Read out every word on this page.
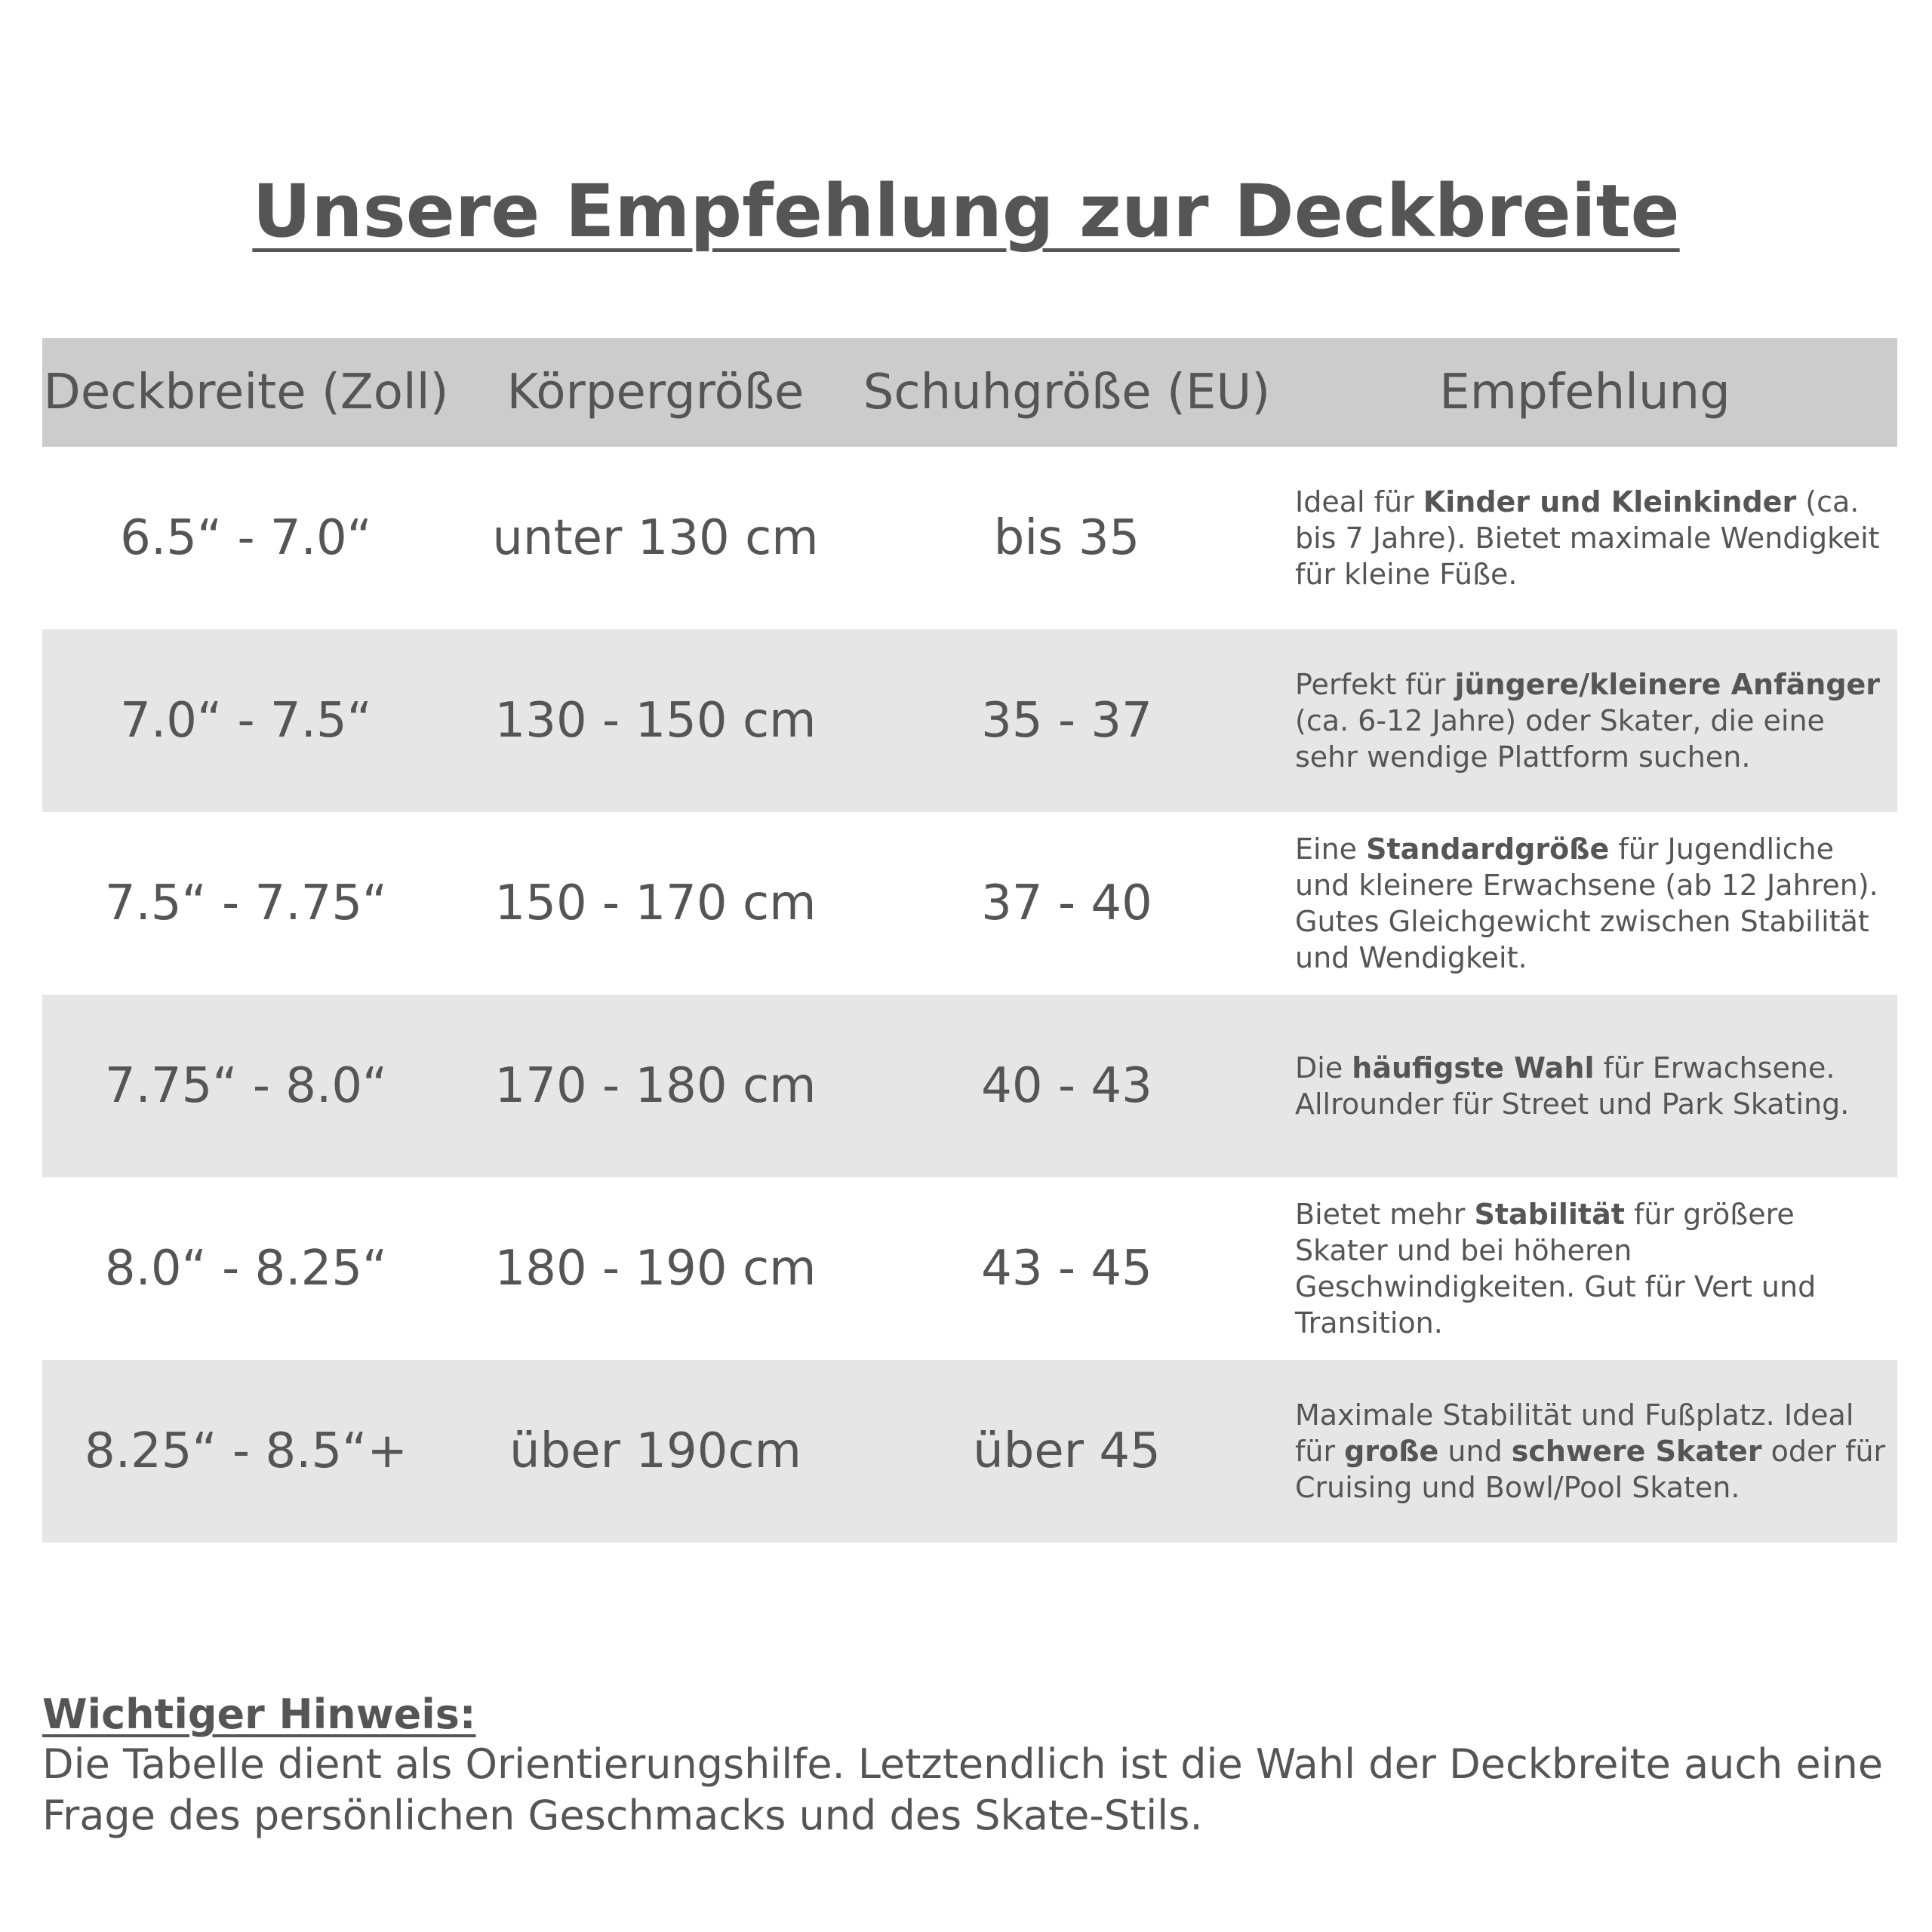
Unsere Empfehlung zur Deckbreite
Deckbreite (Zoll)	Körpergröße	Schuhgröße (EU)	Empfehlung
6.5“ - 7.0“	unter 130 cm	bis 35	Ideal für Kinder und Kleinkinder (ca. bis 7 Jahre). Bietet maximale Wendigkeit für kleine Füße.
7.0“ - 7.5“	130 - 150 cm	35 - 37	Perfekt für jüngere/kleinere Anfänger (ca. 6-12 Jahre) oder Skater, die eine sehr wendige Plattform suchen.
7.5“ - 7.75“	150 - 170 cm	37 - 40	Eine Standardgröße für Jugendliche und kleinere Erwachsene (ab 12 Jahren). Gutes Gleichgewicht zwischen Stabilität und Wendigkeit.
7.75“ - 8.0“	170 - 180 cm	40 - 43	Die häufigste Wahl für Erwachsene. Allrounder für Street und Park Skating.
8.0“ - 8.25“	180 - 190 cm	43 - 45	Bietet mehr Stabilität für größere Skater und bei höheren Geschwindigkeiten. Gut für Vert und Transition.
8.25“ - 8.5“+	über 190cm	über 45	Maximale Stabilität und Fußplatz. Ideal für große und schwere Skater oder für Cruising und Bowl/Pool Skaten.
Wichtiger Hinweis:
Die Tabelle dient als Orientierungshilfe. Letztendlich ist die Wahl der Deckbreite auch eine Frage des persönlichen Geschmacks und des Skate-Stils.
